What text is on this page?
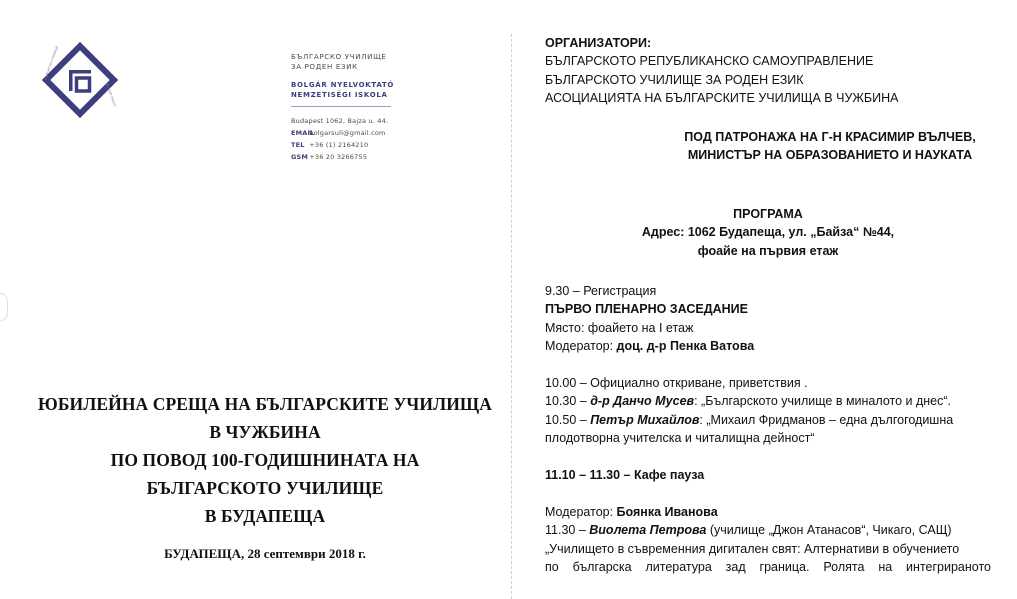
БЪЛГАРСКО УЧИЛИЩЕ
BOLGÁR ISKOLA
БЪЛГАРСКО УЧИЛИЩЕ
ЗА РОДЕН ЕЗИК
BOLGÁR NYELVOKTATÓ
NEMZETISÉGI ISKOLA
Budapest 1062, Bajza u. 44.
EMAIL bolgarsuli@gmail.com
TEL +36 (1) 2164210
GSM +36 20 3266755
ЮБИЛЕЙНА СРЕЩА НА БЪЛГАРСКИТЕ УЧИЛИЩА
В ЧУЖБИНА
ПО ПОВОД 100-ГОДИШНИНАТА НА
БЪЛГАРСКОТО УЧИЛИЩЕ
В БУДАПЕЩА
БУДАПЕЩА, 28 септември 2018 г.
ОРГАНИЗАТОРИ:
БЪЛГАРСКОТО РЕПУБЛИКАНСКО САМОУПРАВЛЕНИЕ
БЪЛГАРСКОТО УЧИЛИЩЕ ЗА РОДЕН ЕЗИК
АСОЦИАЦИЯТА НА БЪЛГАРСКИТЕ УЧИЛИЩА В ЧУЖБИНА
ПОД ПАТРОНАЖА НА Г-Н КРАСИМИР ВЪЛЧЕВ,
МИНИСТЪР НА ОБРАЗОВАНИЕТО И НАУКАТА
ПРОГРАМА
Адрес: 1062 Будапеща, ул. „Байза“ №44,
фоайе на първия етаж
9.30 – Регистрация
ПЪРВО ПЛЕНАРНО ЗАСЕДАНИЕ
Място: фоайето на I етаж
Модератор: доц. д-р Пенка Ватова
10.00 – Официално откриване, приветствия .
10.30 – д-р Данчо Мусев: „Българското училище в миналото и днес“.
10.50 – Петър Михайлов: „Михаил Фридманов – една дългогодишна
плодотворна учителска и читалищна дейност“
11.10 – 11.30 – Кафе пауза
Модератор: Боянка Иванова
11.30 – Виолета Петрова (училище „Джон Атанасов“, Чикаго, САЩ)
„Училището в съвременния дигитален свят: Алтернативи в обучението
по българска литература зад граница. Ролята на интегрираното
